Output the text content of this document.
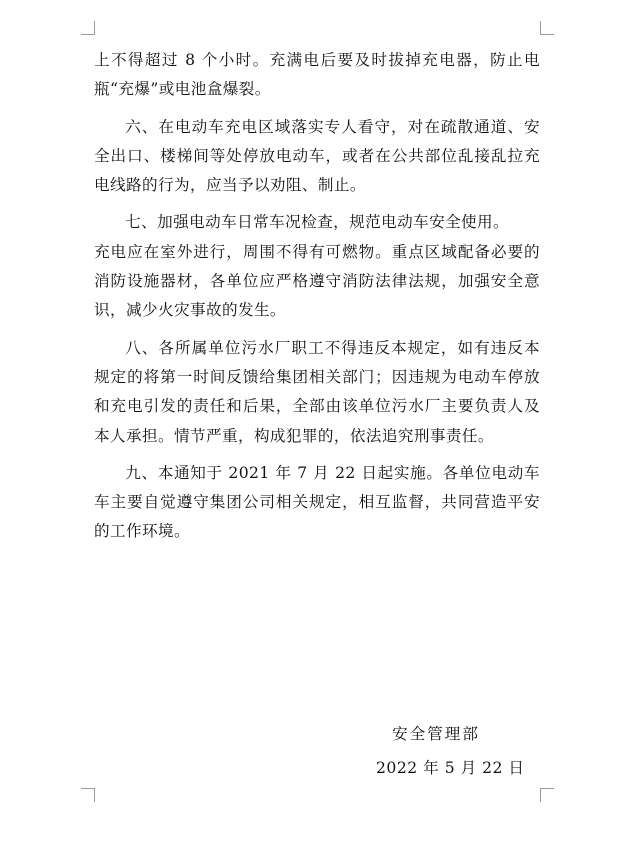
上不得超过 8 个小时。充满电后要及时拔掉充电器，防止电瓶“充爆”或电池盒爆裂。

六、在电动车充电区域落实专人看守，对在疏散通道、安全出口、楼梯间等处停放电动车，或者在公共部位乱接乱拉充电线路的行为，应当予以劝阻、制止。

七、加强电动车日常车况检查，规范电动车安全使用。

充电应在室外进行，周围不得有可燃物。重点区域配备必要的消防设施器材，各单位应严格遵守消防法律法规，加强安全意识，减少火灾事故的发生。

八、各所属单位污水厂职工不得违反本规定，如有违反本规定的将第一时间反馈给集团相关部门；因违规为电动车停放和充电引发的责任和后果，全部由该单位污水厂主要负责人及本人承担。情节严重，构成犯罪的，依法追究刑事责任。

九、本通知于 2021 年 7 月 22 日起实施。各单位电动车车主要自觉遵守集团公司相关规定，相互监督，共同营造平安的工作环境。

安全管理部
2022 年 5 月 22 日
